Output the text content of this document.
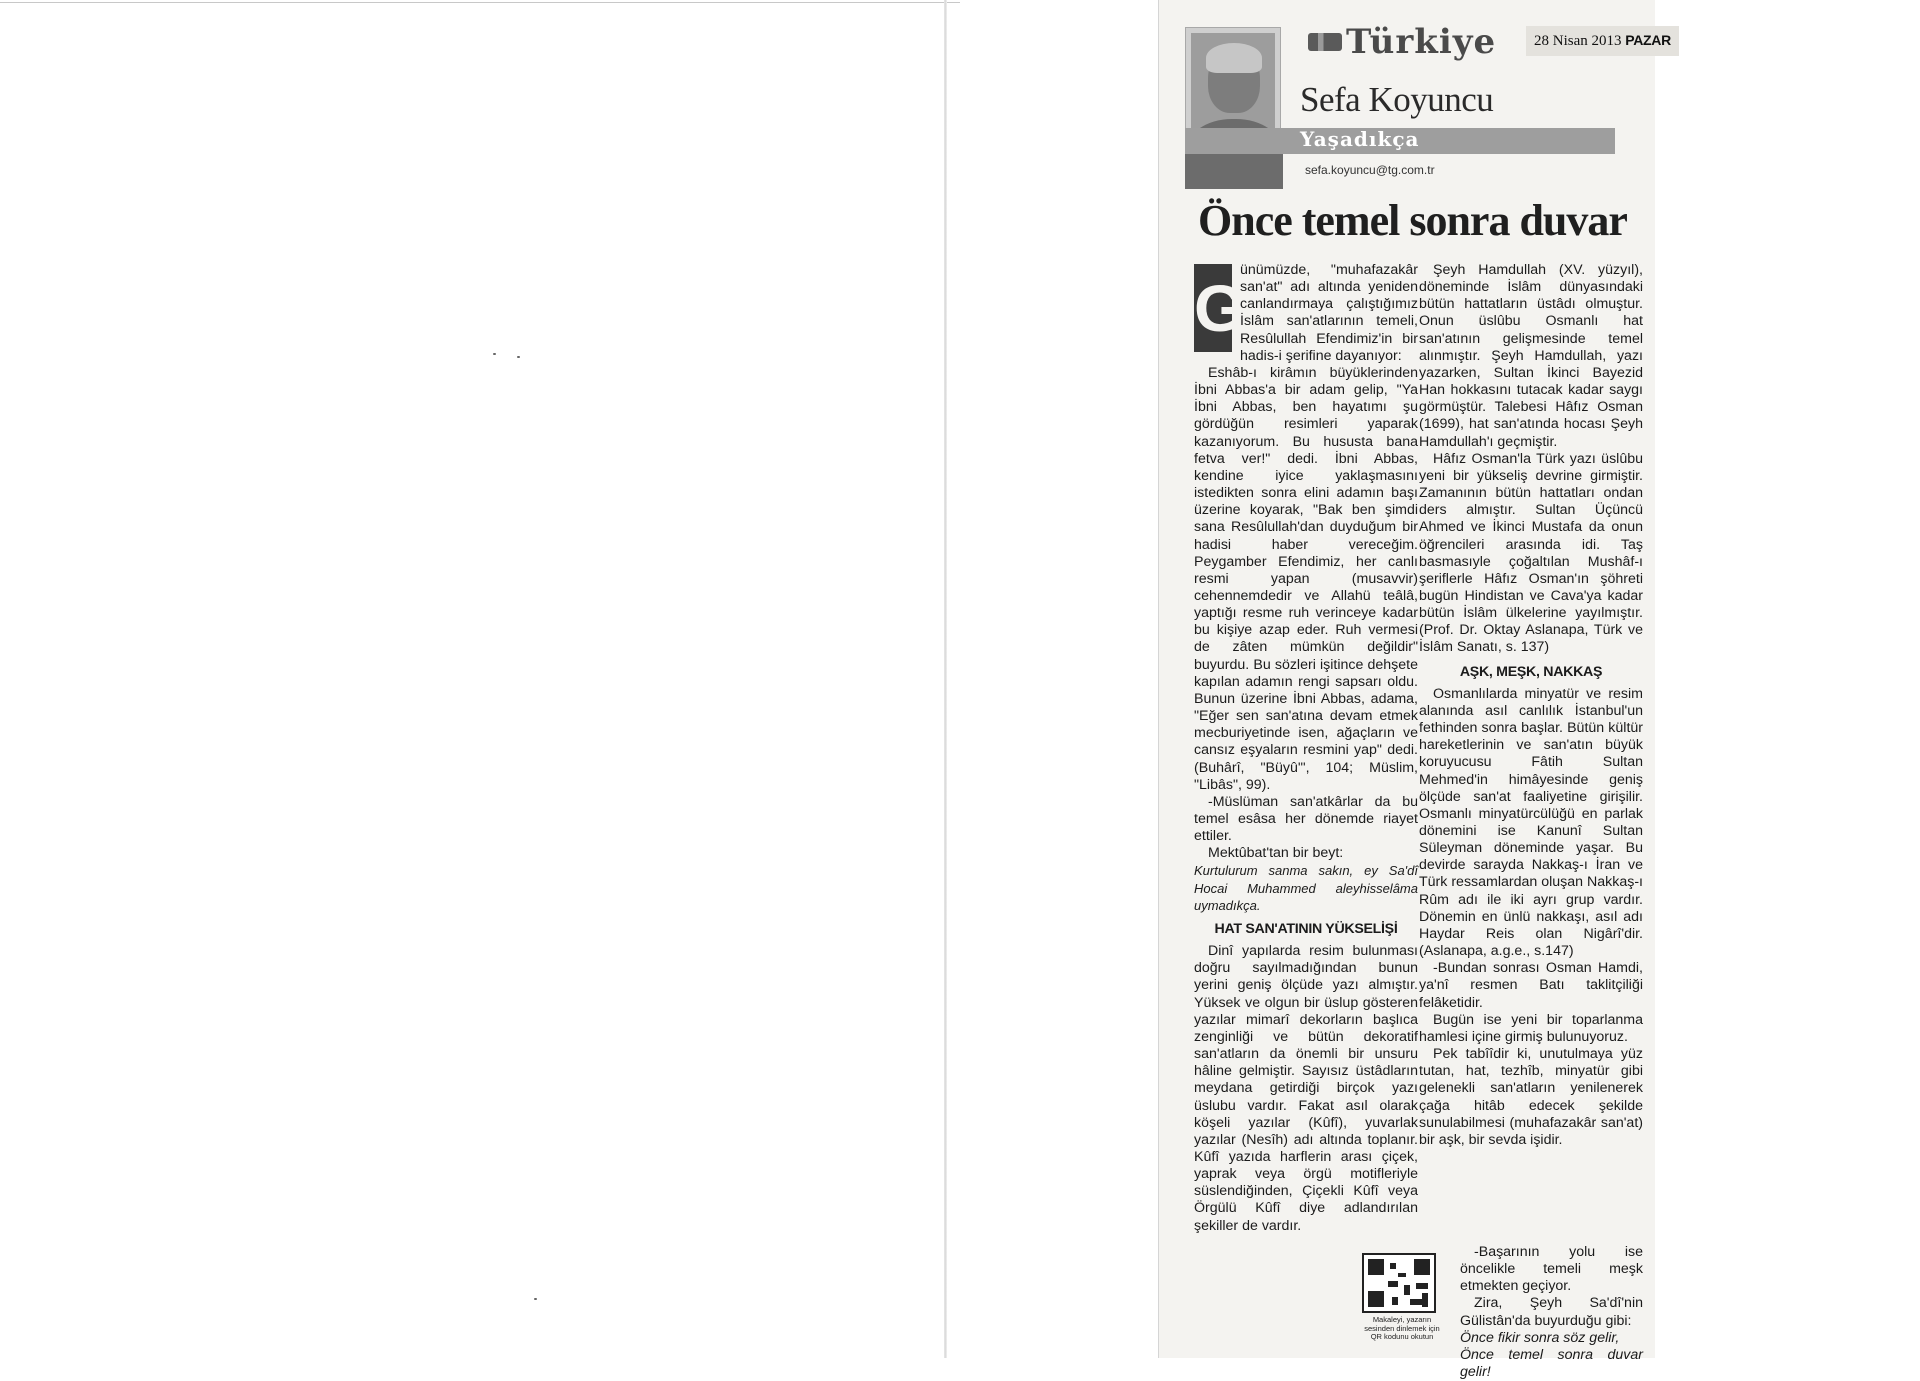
Türkiye	28 Nisan 2013 PAZAR
Sefa Koyuncu
Yaşadıkça
sefa.koyuncu@tg.com.tr
Önce temel sonra duvar
G

ünümüzde, "muhafazakâr san'at" adı altında yeniden canlandırmaya çalıştığımız İslâm san'atlarının temeli, Resûlullah Efendimiz'in bir hadis-i şerifine dayanıyor:

Eshâb-ı kirâmın büyüklerinden İbni Abbas'a bir adam gelip, "Ya İbni Abbas, ben hayatımı şu gördüğün resimleri yaparak kazanıyorum. Bu hususta bana fetva ver!" dedi. İbni Abbas, kendine iyice yaklaşmasını istedikten sonra elini adamın başı üzerine koyarak, "Bak ben şimdi sana Resûlullah'dan duyduğum bir hadisi haber vereceğim. Peygamber Efendimiz, her canlı resmi yapan (musavvir) cehennemdedir ve Allahü teâlâ, yaptığı resme ruh verinceye kadar bu kişiye azap eder. Ruh vermesi de zâten mümkün değildir" buyurdu. Bu sözleri işitince dehşete kapılan adamın rengi sapsarı oldu. Bunun üzerine İbni Abbas, adama, "Eğer sen san'atına devam etmek mecburiyetinde isen, ağaçların ve cansız eşyaların resmini yap" dedi. (Buhârî, "Büyû'", 104; Müslim, "Libâs", 99).

-Müslüman san'atkârlar da bu temel esâsa her dönemde riayet ettiler.

Mektûbat'tan bir beyt:

Kurtulurum sanma sakın, ey Sa'dî Hocai Muhammed aleyhisselâma uymadıkça.

HAT SAN'ATININ YÜKSELİŞİ

Dinî yapılarda resim bulunması doğru sayılmadığından bunun yerini geniş ölçüde yazı almıştır. Yüksek ve olgun bir üslup gösteren yazılar mimarî dekorların başlıca zenginliği ve bütün dekoratif san'atların da önemli bir unsuru hâline gelmiştir. Sayısız üstâdların meydana getirdiği birçok yazı üslubu vardır. Fakat asıl olarak köşeli yazılar (Kûfî), yuvarlak yazılar (Nesîh) adı altında toplanır. Kûfî yazıda harflerin arası çiçek, yaprak veya örgü motifleriyle süslendiğinden, Çiçekli Kûfî veya Örgülü Kûfî diye adlandırılan şekiller de vardır.

Şeyh Hamdullah (XV. yüzyıl), döneminde İslâm dünyasındaki bütün hattatların üstâdı olmuştur. Onun üslûbu Osmanlı hat san'atının gelişmesinde temel alınmıştır. Şeyh Hamdullah, yazı yazarken, Sultan İkinci Bayezid Han hokkasını tutacak kadar saygı görmüştür. Talebesi Hâfız Osman (1699), hat san'atında hocası Şeyh Hamdullah'ı geçmiştir.

Hâfız Osman'la Türk yazı üslûbu yeni bir yükseliş devrine girmiştir. Zamanının bütün hattatları ondan ders almıştır. Sultan Üçüncü Ahmed ve İkinci Mustafa da onun öğrencileri arasında idi. Taş basmasıyle çoğaltılan Mushâf-ı şeriflerle Hâfız Osman'ın şöhreti bugün Hindistan ve Cava'ya kadar bütün İslâm ülkelerine yayılmıştır. (Prof. Dr. Oktay Aslanapa, Türk ve İslâm Sanatı, s. 137)

AŞK, MEŞK, NAKKAŞ

Osmanlılarda minyatür ve resim alanında asıl canlılık İstanbul'un fethinden sonra başlar. Bütün kültür hareketlerinin ve san'atın büyük koruyucusu Fâtih Sultan Mehmed'in himâyesinde geniş ölçüde san'at faaliyetine girişilir. Osmanlı minyatürcülüğü en parlak dönemini ise Kanunî Sultan Süleyman döneminde yaşar. Bu devirde sarayda Nakkaş-ı İran ve Türk ressamlardan oluşan Nakkaş-ı Rûm adı ile iki ayrı grup vardır. Dönemin en ünlü nakkaşı, asıl adı Haydar Reis olan Nigârî'dir. (Aslanapa, a.g.e., s.147)

-Bundan sonrası Osman Hamdi, ya'nî resmen Batı taklitçiliği felâketidir.

Bugün ise yeni bir toparlanma hamlesi içine girmiş bulunuyoruz.

Pek tabîîdir ki, unutulmaya yüz tutan, hat, tezhîb, minyatür gibi gelenekli san'atların yenilenerek çağa hitâb edecek şekilde sunulabilmesi (muhafazakâr san'at) bir aşk, bir sevda işidir.

Makaleyi, yazarın sesinden dinlemek için QR kodunu okutun

-Başarının yolu ise öncelikle temeli meşk etmekten geçiyor.

Zira, Şeyh Sa'dî'nin Gülistân'da buyurduğu gibi:

Önce fikir sonra söz gelir,

Önce temel sonra duvar gelir!
